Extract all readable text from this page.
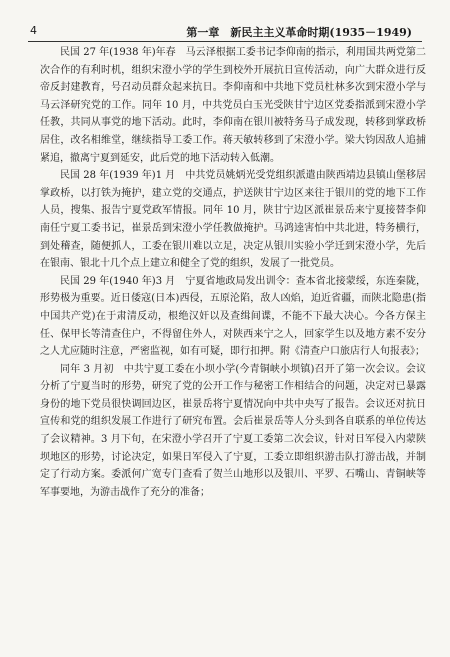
4	第一章　新民主主义革命时期(1935－1949)

民国 27 年(1938 年)年春　马云泽根据工委书记李仰南的指示，利用国共两党第二次合作的有利时机，组织宋澄小学的学生到校外开展抗日宣传活动，向广大群众进行反帝反封建教育，号召动员群众起来抗日。李仰南和中共地下党员杜林多次到宋澄小学与马云泽研究党的工作。同年 10 月，中共党员白玉光受陕甘宁边区党委指派到宋澄小学任教，共同从事党的地下活动。此时，李仰南在银川被特务马子成发现，转移到掌政桥居住，改名相维堂，继续指导工委工作。蒋天敏转移到了宋澄小学。梁大钧因敌人追捕紧追，撤离宁夏到延安，此后党的地下活动转入低潮。

民国 28 年(1939 年)1 月　中共党员姚炳光受党组织派遣由陕西靖边县镇山堡移居掌政桥，以打铁为掩护，建立党的交通点，护送陕甘宁边区来往于银川的党的地下工作人员，搜集、报告宁夏党政军情报。同年 10 月，陕甘宁边区派崔景岳来宁夏接替李仰南任宁夏工委书记，崔景岳到宋澄小学任教做掩护。马鸿逵害怕中共北进，特务横行，到处稽查，随便抓人，工委在银川难以立足，决定从银川实验小学迁到宋澄小学，先后在银南、银北十几个点上建立和健全了党的组织，发展了一批党员。

民国 29 年(1940 年)3 月　宁夏省地政局发出训令：查本省北接蒙绥，东连秦陇，形势极为重要。近日倭寇(日本)西侵，五原沦陷，敌人凶焰，迫近省疆，而陕北隐患(指中国共产党)在于肃清反动，根绝汉奸以及查缉间谍，不能不下最大决心。今各方保主任、保甲长等清查住户，不得留住外人，对陕西来宁之人，回家学生以及地方素不安分之人尤应随时注意，严密监视，如有可疑，即行扣押。附《清查户口旅店行人旬报表》；

同年 3 月初　中共宁夏工委在小坝小学(今青铜峡小坝镇)召开了第一次会议。会议分析了宁夏当时的形势，研究了党的公开工作与秘密工作相结合的问题，决定对已暴露身份的地下党员很快调回边区，崔景岳将宁夏情况向中共中央写了报告。会议还对抗日宣传和党的组织发展工作进行了研究布置。会后崔景岳等人分头到各自联系的单位传达了会议精神。3 月下旬，在宋澄小学召开了宁夏工委第二次会议，针对日军侵入内蒙陕坝地区的形势，讨论决定，如果日军侵入了宁夏，工委立即组织游击队打游击战，并制定了行动方案。委派何广宽专门查看了贺兰山地形以及银川、平罗、石嘴山、青铜峡等军事要地，为游击战作了充分的准备；
